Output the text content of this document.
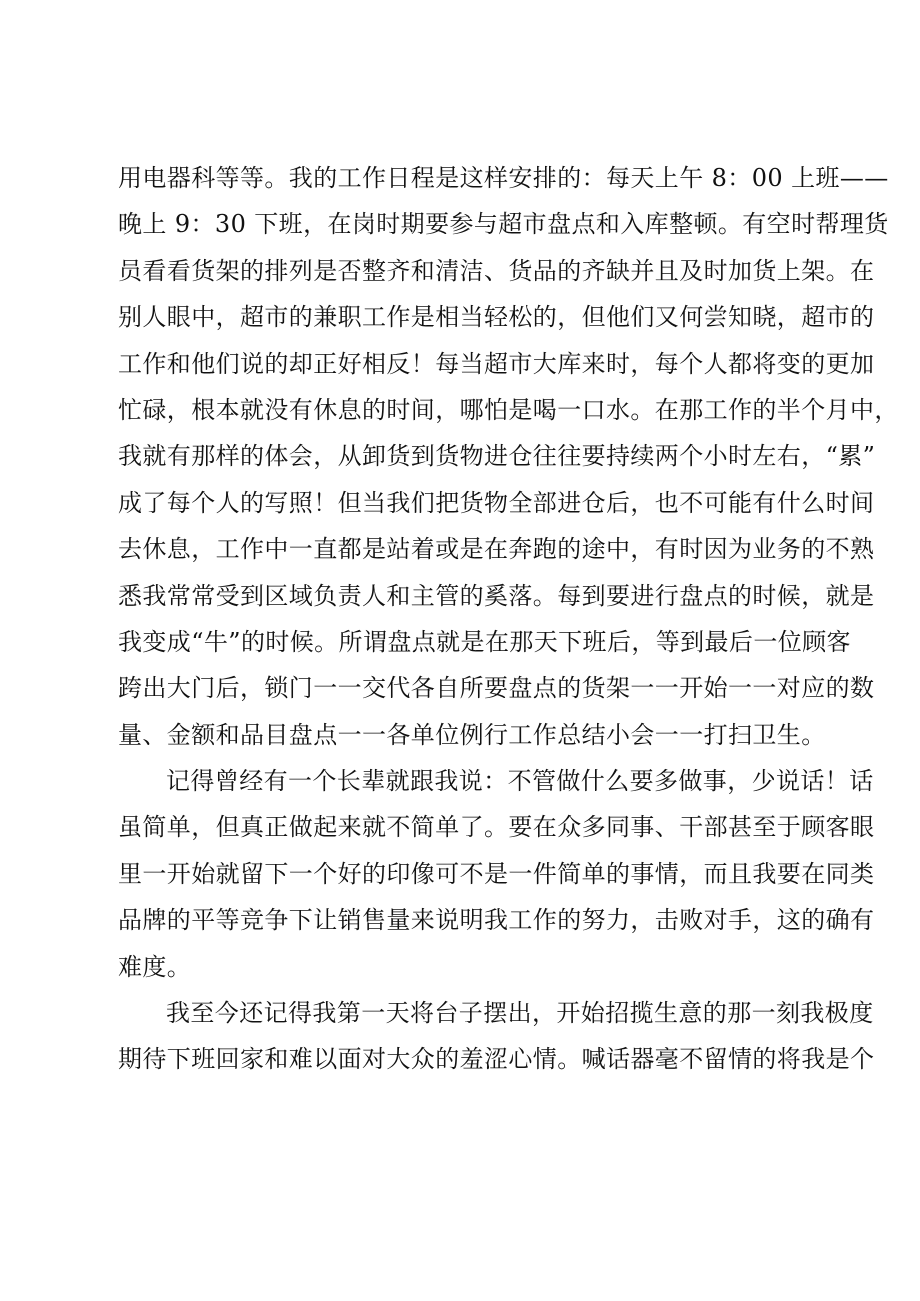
用电器科等等。我的工作日程是这样安排的：每天上午 8：00 上班——
晚上 9：30 下班，在岗时期要参与超市盘点和入库整顿。有空时帮理货
员看看货架的排列是否整齐和清洁、货品的齐缺并且及时加货上架。在
别人眼中，超市的兼职工作是相当轻松的，但他们又何尝知晓，超市的
工作和他们说的却正好相反！每当超市大库来时，每个人都将变的更加
忙碌，根本就没有休息的时间，哪怕是喝一口水。在那工作的半个月中，
我就有那样的体会，从卸货到货物进仓往往要持续两个小时左右，“累”
成了每个人的写照！但当我们把货物全部进仓后，也不可能有什么时间
去休息，工作中一直都是站着或是在奔跑的途中，有时因为业务的不熟
悉我常常受到区域负责人和主管的奚落。每到要进行盘点的时候，就是
我变成“牛”的时候。所谓盘点就是在那天下班后，等到最后一位顾客
跨出大门后，锁门一一交代各自所要盘点的货架一一开始一一对应的数
量、金额和品目盘点一一各单位例行工作总结小会一一打扫卫生。
记得曾经有一个长辈就跟我说：不管做什么要多做事，少说话！话
虽简单，但真正做起来就不简单了。要在众多同事、干部甚至于顾客眼
里一开始就留下一个好的印像可不是一件简单的事情，而且我要在同类
品牌的平等竞争下让销售量来说明我工作的努力，击败对手，这的确有
难度。
我至今还记得我第一天将台子摆出，开始招揽生意的那一刻我极度
期待下班回家和难以面对大众的羞涩心情。喊话器毫不留情的将我是个
